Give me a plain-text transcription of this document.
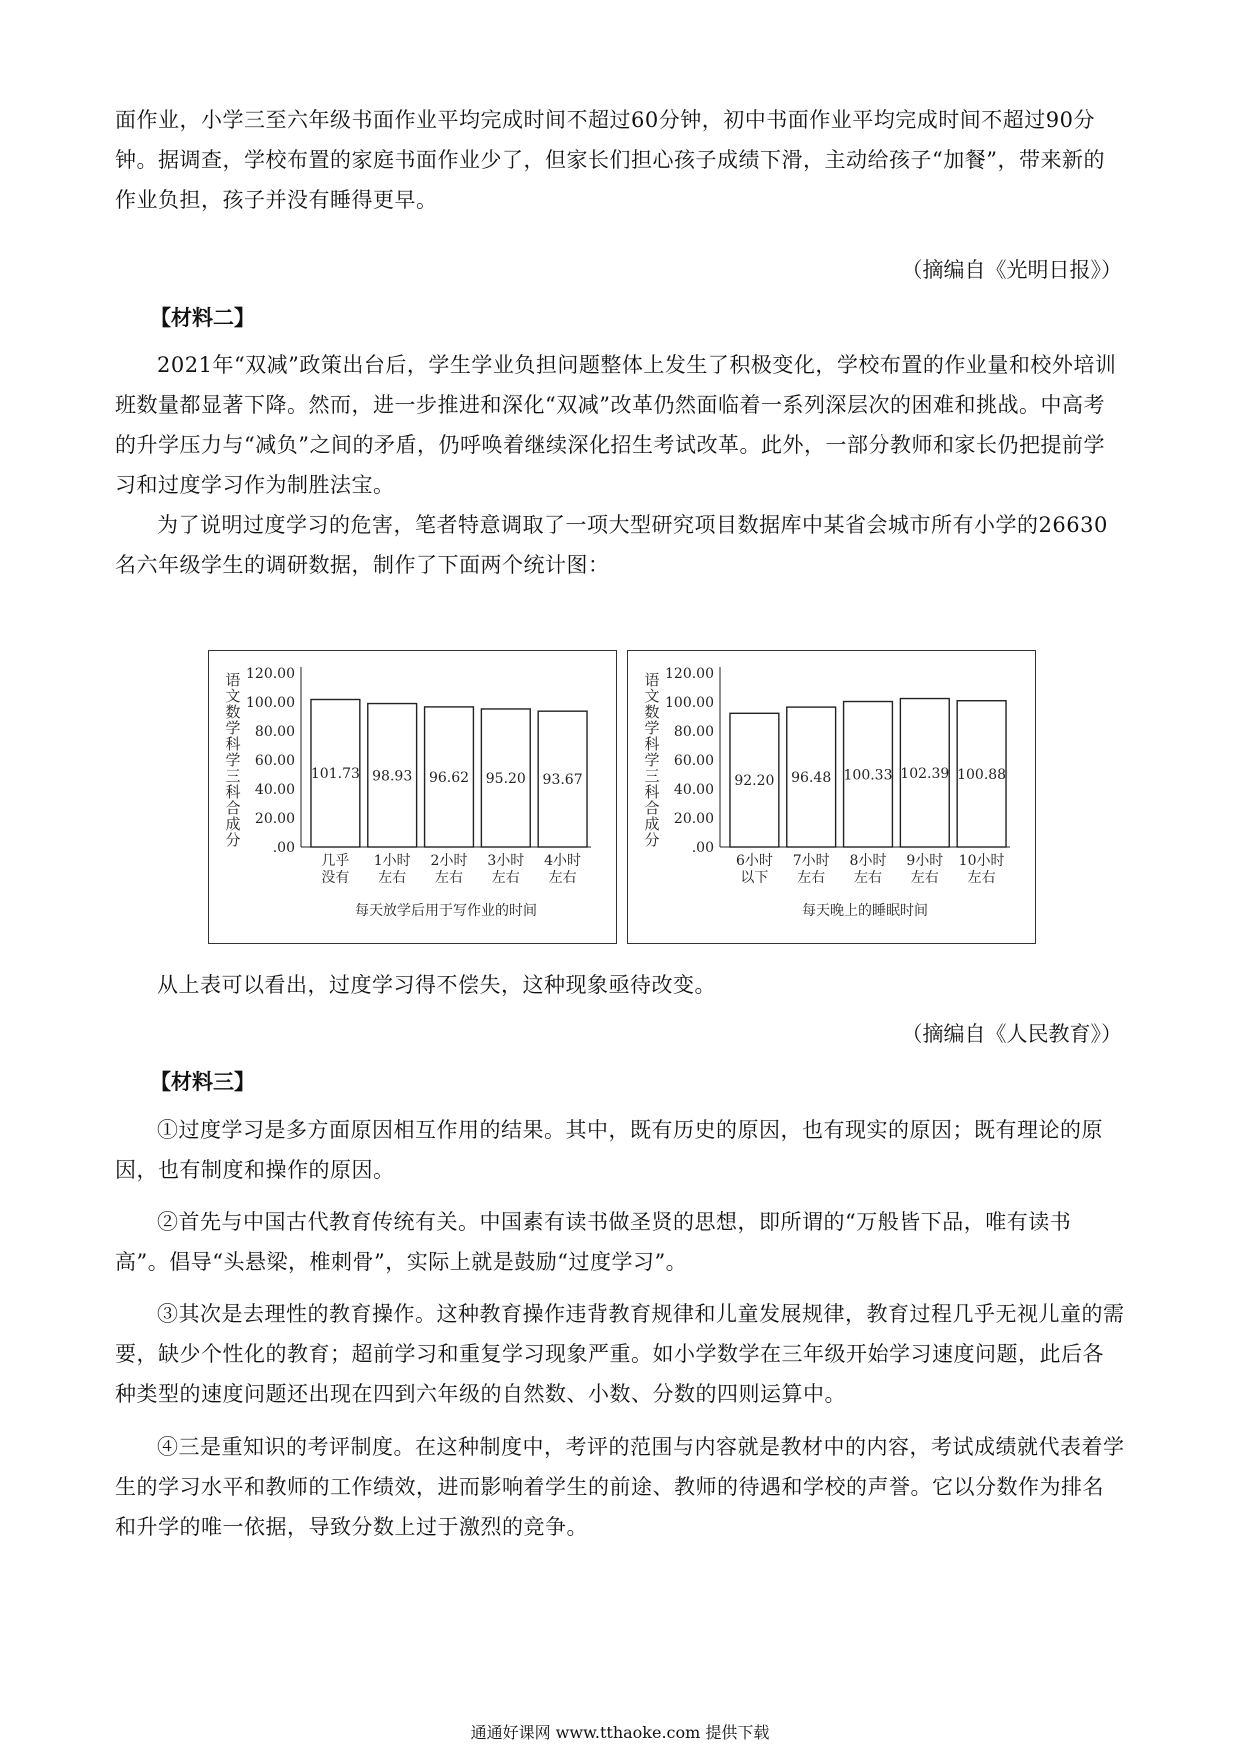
面作业，小学三至六年级书面作业平均完成时间不超过60分钟，初中书面作业平均完成时间不超过90分钟。据调查，学校布置的家庭书面作业少了，但家长们担心孩子成绩下滑，主动给孩子“加餐”，带来新的作业负担，孩子并没有睡得更早。

（摘编自《光明日报》）
【材料二】

2021年“双减”政策出台后，学生学业负担问题整体上发生了积极变化，学校布置的作业量和校外培训班数量都显著下降。然而，进一步推进和深化“双减”改革仍然面临着一系列深层次的困难和挑战。中高考的升学压力与“减负”之间的矛盾，仍呼唤着继续深化招生考试改革。此外，一部分教师和家长仍把提前学习和过度学习作为制胜法宝。

为了说明过度学习的危害，笔者特意调取了一项大型研究项目数据库中某省会城市所有小学的26630名六年级学生的调研数据，制作了下面两个统计图：

语
文
数
学
科
学
三
科
合
成
分
120.00
100.00
80.00
60.00
40.00
20.00
.00
101.73
几乎
没有
98.93
1小时
左右
96.62
2小时
左右
95.20
3小时
左右
93.67
4小时
左右
每天放学后用于写作业的时间
语
文
数
学
科
学
三
科
合
成
分
120.00
100.00
80.00
60.00
40.00
20.00
.00
92.20
6小时
以下
96.48
7小时
左右
100.33
8小时
左右
102.39
9小时
左右
100.88
10小时
左右
每天晚上的睡眠时间

从上表可以看出，过度学习得不偿失，这种现象亟待改变。

（摘编自《人民教育》）
【材料三】

①过度学习是多方面原因相互作用的结果。其中，既有历史的原因，也有现实的原因；既有理论的原因，也有制度和操作的原因。

②首先与中国古代教育传统有关。中国素有读书做圣贤的思想，即所谓的“万般皆下品，唯有读书高”。倡导“头悬梁，椎刺骨”，实际上就是鼓励“过度学习”。

③其次是去理性的教育操作。这种教育操作违背教育规律和儿童发展规律，教育过程几乎无视儿童的需要，缺少个性化的教育；超前学习和重复学习现象严重。如小学数学在三年级开始学习速度问题，此后各种类型的速度问题还出现在四到六年级的自然数、小数、分数的四则运算中。

④三是重知识的考评制度。在这种制度中，考评的范围与内容就是教材中的内容，考试成绩就代表着学生的学习水平和教师的工作绩效，进而影响着学生的前途、教师的待遇和学校的声誉。它以分数作为排名和升学的唯一依据，导致分数上过于激烈的竞争。

通通好课网 www.tthaoke.com 提供下载
